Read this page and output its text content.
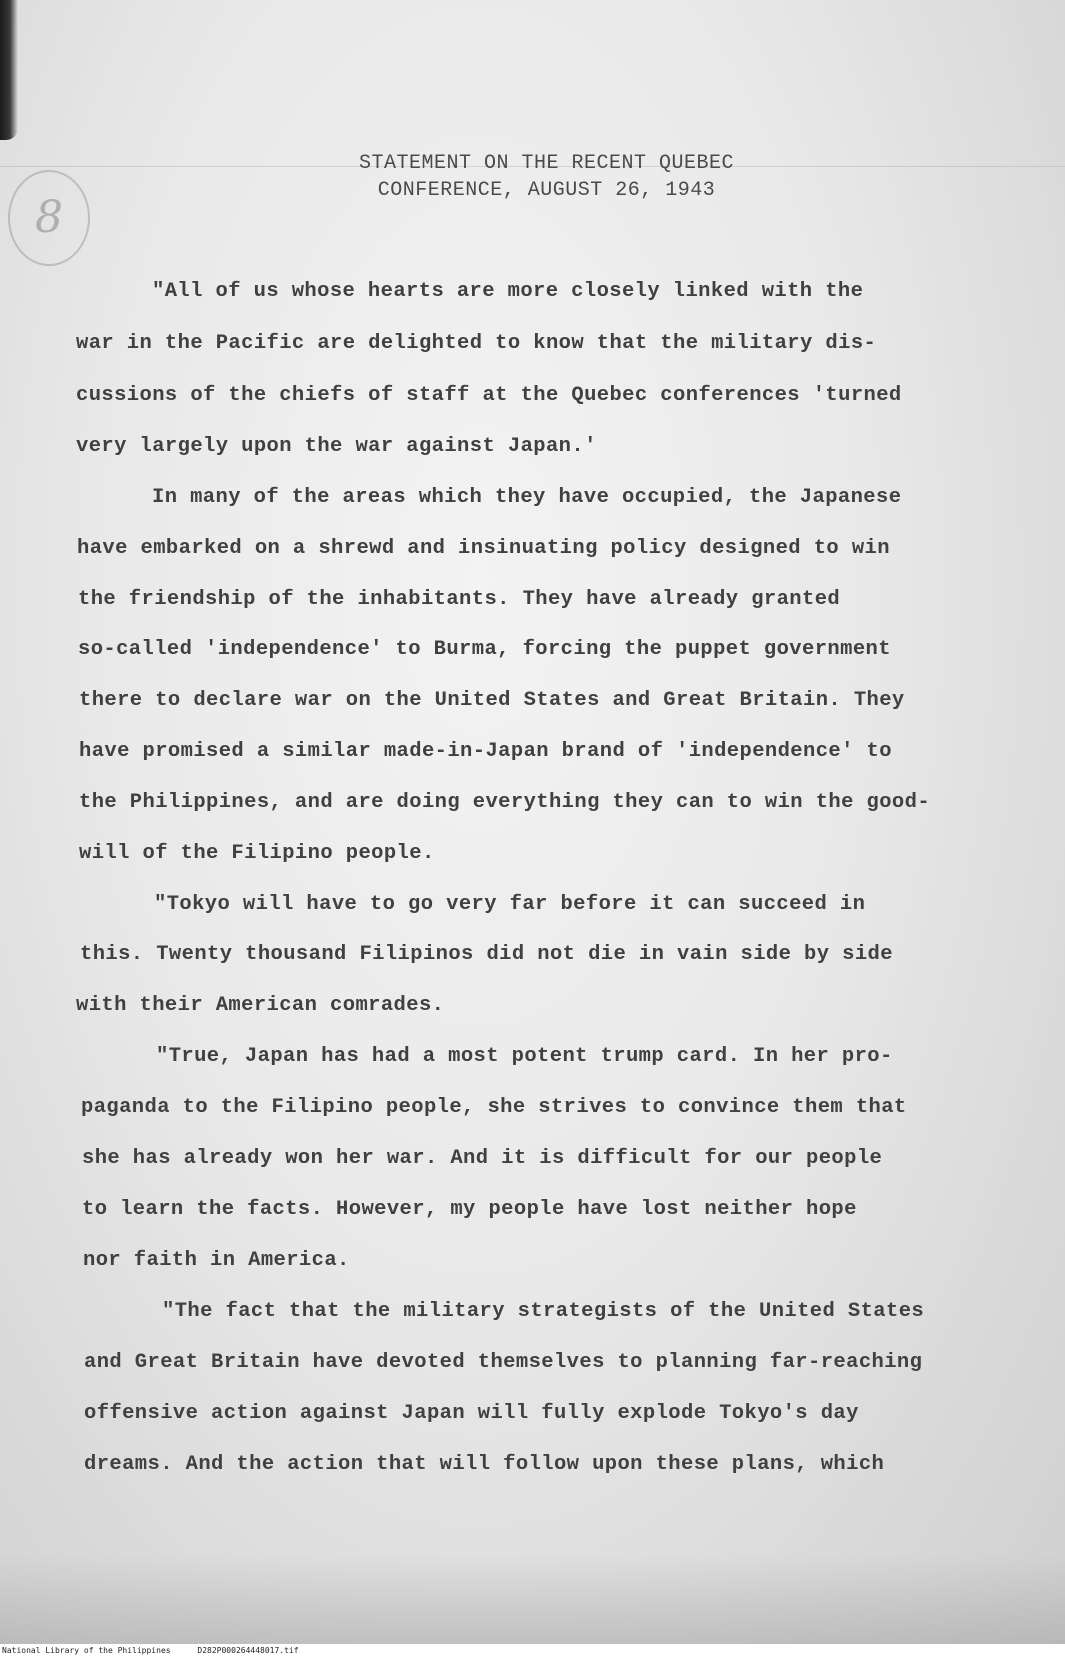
8
STATEMENT ON THE RECENT QUEBEC
CONFERENCE, AUGUST 26, 1943
"All of us whose hearts are more closely linked with the
war in the Pacific are delighted to know that the military dis-
cussions of the chiefs of staff at the Quebec conferences 'turned
very largely upon the war against Japan.'
In many of the areas which they have occupied, the Japanese
have embarked on a shrewd and insinuating policy designed to win
the friendship of the inhabitants. They have already granted
so-called 'independence' to Burma, forcing the puppet government
there to declare war on the United States and Great Britain. They
have promised a similar made-in-Japan brand of 'independence' to
the Philippines, and are doing everything they can to win the good-
will of the Filipino people.
"Tokyo will have to go very far before it can succeed in
this. Twenty thousand Filipinos did not die in vain side by side
with their American comrades.
"True, Japan has had a most potent trump card. In her pro-
paganda to the Filipino people, she strives to convince them that
she has already won her war. And it is difficult for our people
to learn the facts. However, my people have lost neither hope
nor faith in America.
"The fact that the military strategists of the United States
and Great Britain have devoted themselves to planning far-reaching
offensive action against Japan will fully explode Tokyo's day
dreams. And the action that will follow upon these plans, which
National Library of the Philippines	D282P000264448017.tif
